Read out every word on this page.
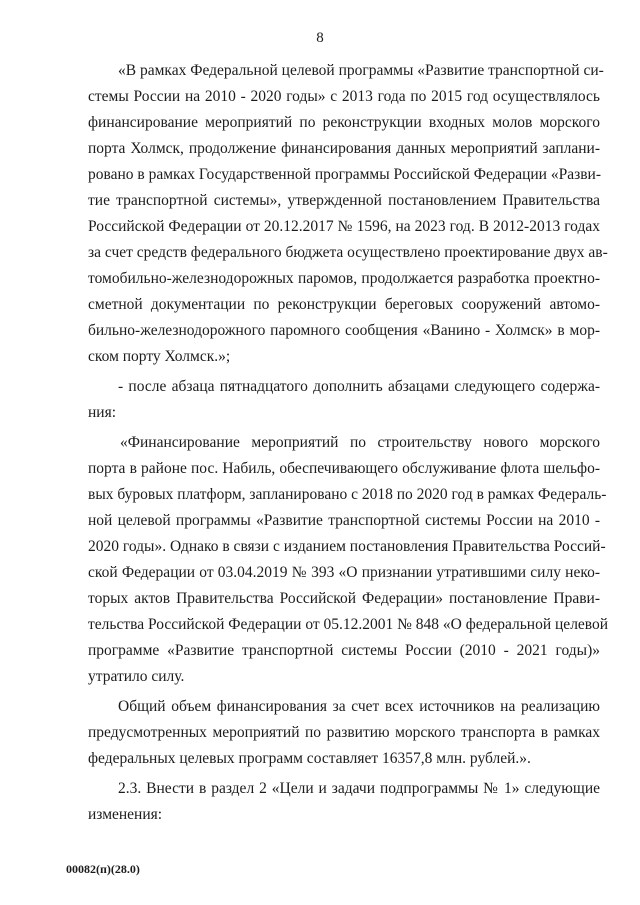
8
«В рамках Федеральной целевой программы «Развитие транспортной си-
стемы России на 2010 - 2020 годы» с 2013 года по 2015 год осуществлялось
финансирование мероприятий по реконструкции входных молов морского
порта Холмск, продолжение финансирования данных мероприятий заплани-
ровано в рамках Государственной программы Российской Федерации «Разви-
тие транспортной системы», утвержденной постановлением Правительства
Российской Федерации от 20.12.2017 № 1596, на 2023 год. В 2012-2013 годах
за счет средств федерального бюджета осуществлено проектирование двух ав-
томобильно-железнодорожных паромов, продолжается разработка проектно-
сметной документации по реконструкции береговых сооружений автомо-
бильно-железнодорожного паромного сообщения «Ванино - Холмск» в мор-
ском порту Холмск.»;
- после абзаца пятнадцатого дополнить абзацами следующего содержа-
ния:
«Финансирование мероприятий по строительству нового морского
порта в районе пос. Набиль, обеспечивающего обслуживание флота шельфо-
вых буровых платформ, запланировано с 2018 по 2020 год в рамках Федераль-
ной целевой программы «Развитие транспортной системы России на 2010 -
2020 годы». Однако в связи с изданием постановления Правительства Россий-
ской Федерации от 03.04.2019 № 393 «О признании утратившими силу неко-
торых актов Правительства Российской Федерации» постановление Прави-
тельства Российской Федерации от 05.12.2001 № 848 «О федеральной целевой
программе «Развитие транспортной системы России (2010 - 2021 годы)»
утратило силу.
Общий объем финансирования за счет всех источников на реализацию
предусмотренных мероприятий по развитию морского транспорта в рамках
федеральных целевых программ составляет 16357,8 млн. рублей.».
2.3. Внести в раздел 2 «Цели и задачи подпрограммы № 1» следующие
изменения:
00082(п)(28.0)
